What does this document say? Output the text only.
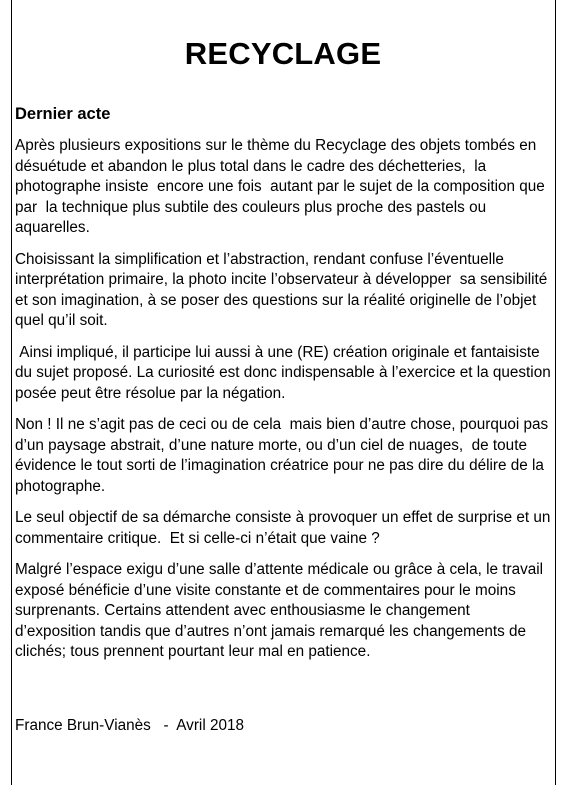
RECYCLAGE
Dernier acte

Après plusieurs expositions sur le thème du Recyclage des objets tombés en désuétude et abandon le plus total dans le cadre des déchetteries,  la photographe insiste  encore une fois  autant par le sujet de la composition que par  la technique plus subtile des couleurs plus proche des pastels ou aquarelles.

Choisissant la simplification et l’abstraction, rendant confuse l’éventuelle interprétation primaire, la photo incite l’observateur à développer  sa sensibilité et son imagination, à se poser des questions sur la réalité originelle de l’objet quel qu’il soit.

Ainsi impliqué, il participe lui aussi à une (RE) création originale et fantaisiste du sujet proposé. La curiosité est donc indispensable à l’exercice et la question posée peut être résolue par la négation.

Non ! Il ne s’agit pas de ceci ou de cela  mais bien d’autre chose, pourquoi pas d’un paysage abstrait, d’une nature morte, ou d’un ciel de nuages,  de toute évidence le tout sorti de l’imagination créatrice pour ne pas dire du délire de la photographe.

Le seul objectif de sa démarche consiste à provoquer un effet de surprise et un commentaire critique.  Et si celle-ci n’était que vaine ?

Malgré l’espace exigu d’une salle d’attente médicale ou grâce à cela, le travail exposé bénéficie d’une visite constante et de commentaires pour le moins surprenants. Certains attendent avec enthousiasme le changement d’exposition tandis que d’autres n’ont jamais remarqué les changements de clichés; tous prennent pourtant leur mal en patience.

France Brun-Vianès   -  Avril 2018
